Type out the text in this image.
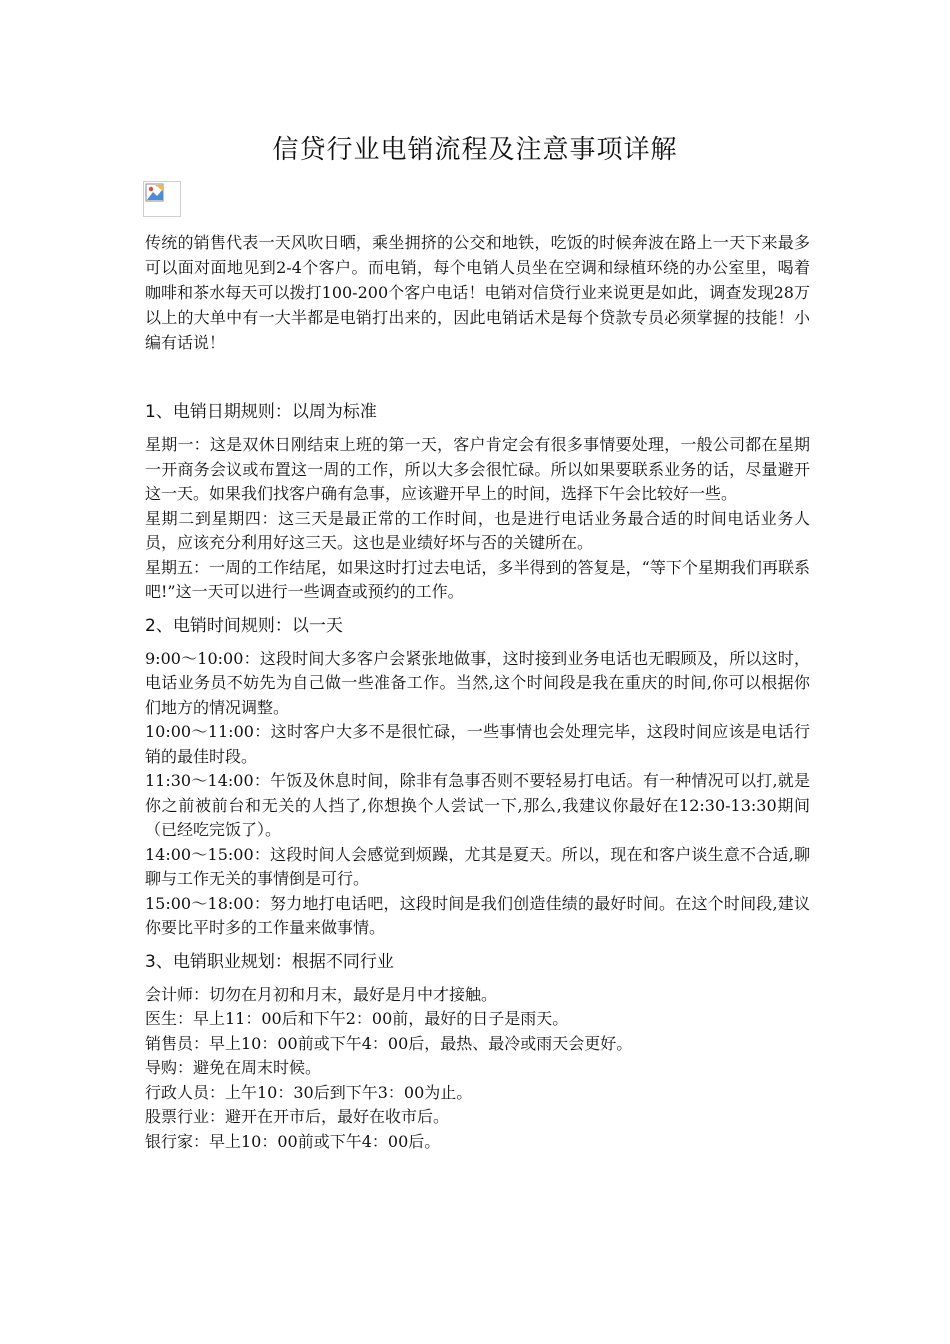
信贷行业电销流程及注意事项详解

传统的销售代表一天风吹日晒，乘坐拥挤的公交和地铁，吃饭的时候奔波在路上一天下来最多可以面对面地见到2-4个客户。而电销，每个电销人员坐在空调和绿植环绕的办公室里，喝着咖啡和茶水每天可以拨打100-200个客户电话！电销对信贷行业来说更是如此，调查发现28万以上的大单中有一大半都是电销打出来的，因此电销话术是每个贷款专员必须掌握的技能！小编有话说！

1、电销日期规则：以周为标准

星期一：这是双休日刚结束上班的第一天，客户肯定会有很多事情要处理，一般公司都在星期一开商务会议或布置这一周的工作，所以大多会很忙碌。所以如果要联系业务的话，尽量避开这一天。如果我们找客户确有急事，应该避开早上的时间，选择下午会比较好一些。

星期二到星期四：这三天是最正常的工作时间，也是进行电话业务最合适的时间电话业务人员，应该充分利用好这三天。这也是业绩好坏与否的关键所在。

星期五：一周的工作结尾，如果这时打过去电话，多半得到的答复是，“等下个星期我们再联系吧!”这一天可以进行一些调查或预约的工作。

2、电销时间规则：以一天

9:00～10:00：这段时间大多客户会紧张地做事，这时接到业务电话也无暇顾及，所以这时，电话业务员不妨先为自己做一些准备工作。当然,这个时间段是我在重庆的时间,你可以根据你们地方的情况调整。

10:00～11:00：这时客户大多不是很忙碌，一些事情也会处理完毕，这段时间应该是电话行销的最佳时段。

11:30～14:00：午饭及休息时间，除非有急事否则不要轻易打电话。有一种情况可以打,就是你之前被前台和无关的人挡了,你想换个人尝试一下,那么,我建议你最好在12:30-13:30期间（已经吃完饭了）。

14:00～15:00：这段时间人会感觉到烦躁，尤其是夏天。所以，现在和客户谈生意不合适,聊聊与工作无关的事情倒是可行。

15:00～18:00：努力地打电话吧，这段时间是我们创造佳绩的最好时间。在这个时间段,建议你要比平时多的工作量来做事情。

3、电销职业规划：根据不同行业

会计师：切勿在月初和月末，最好是月中才接触。

医生：早上11：00后和下午2：00前，最好的日子是雨天。

销售员：早上10：00前或下午4：00后，最热、最冷或雨天会更好。

导购：避免在周末时候。

行政人员：上午10：30后到下午3：00为止。

股票行业：避开在开市后，最好在收市后。

银行家：早上10：00前或下午4：00后。
